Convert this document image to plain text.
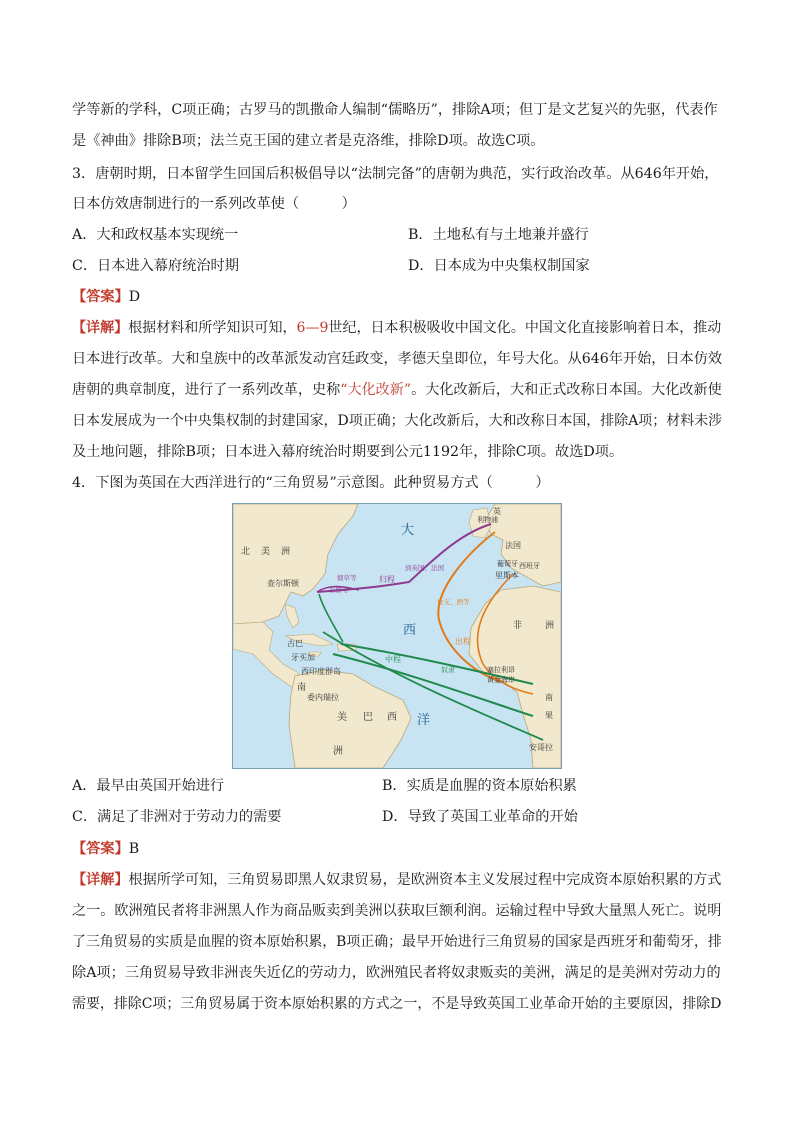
学等新的学科，C项正确；古罗马的凯撒命人编制“儒略历”，排除A项；但丁是文艺复兴的先驱，代表作
是《神曲》排除B项；法兰克王国的建立者是克洛维，排除D项。故选C项。
3．唐朝时期，日本留学生回国后积极倡导以“法制完备”的唐朝为典范，实行政治改革。从646年开始，
日本仿效唐制进行的一系列改革使（　　　）
A．大和政权基本实现统一	B．土地私有与土地兼并盛行
C．日本进入幕府统治时期	D．日本成为中央集权制国家
【答案】D
【详解】根据材料和所学知识可知，6—9世纪，日本积极吸收中国文化。中国文化直接影响着日本，推动
日本进行改革。大和皇族中的改革派发动宫廷政变，孝德天皇即位，年号大化。从646年开始，日本仿效
唐朝的典章制度，进行了一系列改革，史称“大化改新”。大化改新后，大和正式改称日本国。大化改新使
日本发展成为一个中央集权制的封建国家，D项正确；大化改新后，大和改称日本国，排除A项；材料未涉
及土地问题，排除B项；日本进入幕府统治时期要到公元1192年，排除C项。故选D项。
4．下图为英国在大西洋进行的“三角贸易”示意图。此种贸易方式（　　　）
北 美 洲
查尔斯顿
古巴
牙买加
西印度群岛
委内瑞拉
南
美
洲
巴 西
大
西
洋
英
利物浦
法国
葡萄牙 西班牙
里斯本
非	洲
塞拉利昂
黄金海岸
南
果
安哥拉
归程
中程
出程
到英国、法国
烟草等
原糖等
奴隶
枪支、酒等
A．最早由英国开始进行	B．实质是血腥的资本原始积累
C．满足了非洲对于劳动力的需要	D．导致了英国工业革命的开始
【答案】B
【详解】根据所学可知，三角贸易即黑人奴隶贸易，是欧洲资本主义发展过程中完成资本原始积累的方式
之一。欧洲殖民者将非洲黑人作为商品贩卖到美洲以获取巨额利润。运输过程中导致大量黑人死亡。说明
了三角贸易的实质是血腥的资本原始积累，B项正确；最早开始进行三角贸易的国家是西班牙和葡萄牙，排
除A项；三角贸易导致非洲丧失近亿的劳动力，欧洲殖民者将奴隶贩卖的美洲，满足的是美洲对劳动力的
需要，排除C项；三角贸易属于资本原始积累的方式之一，不是导致英国工业革命开始的主要原因，排除D
